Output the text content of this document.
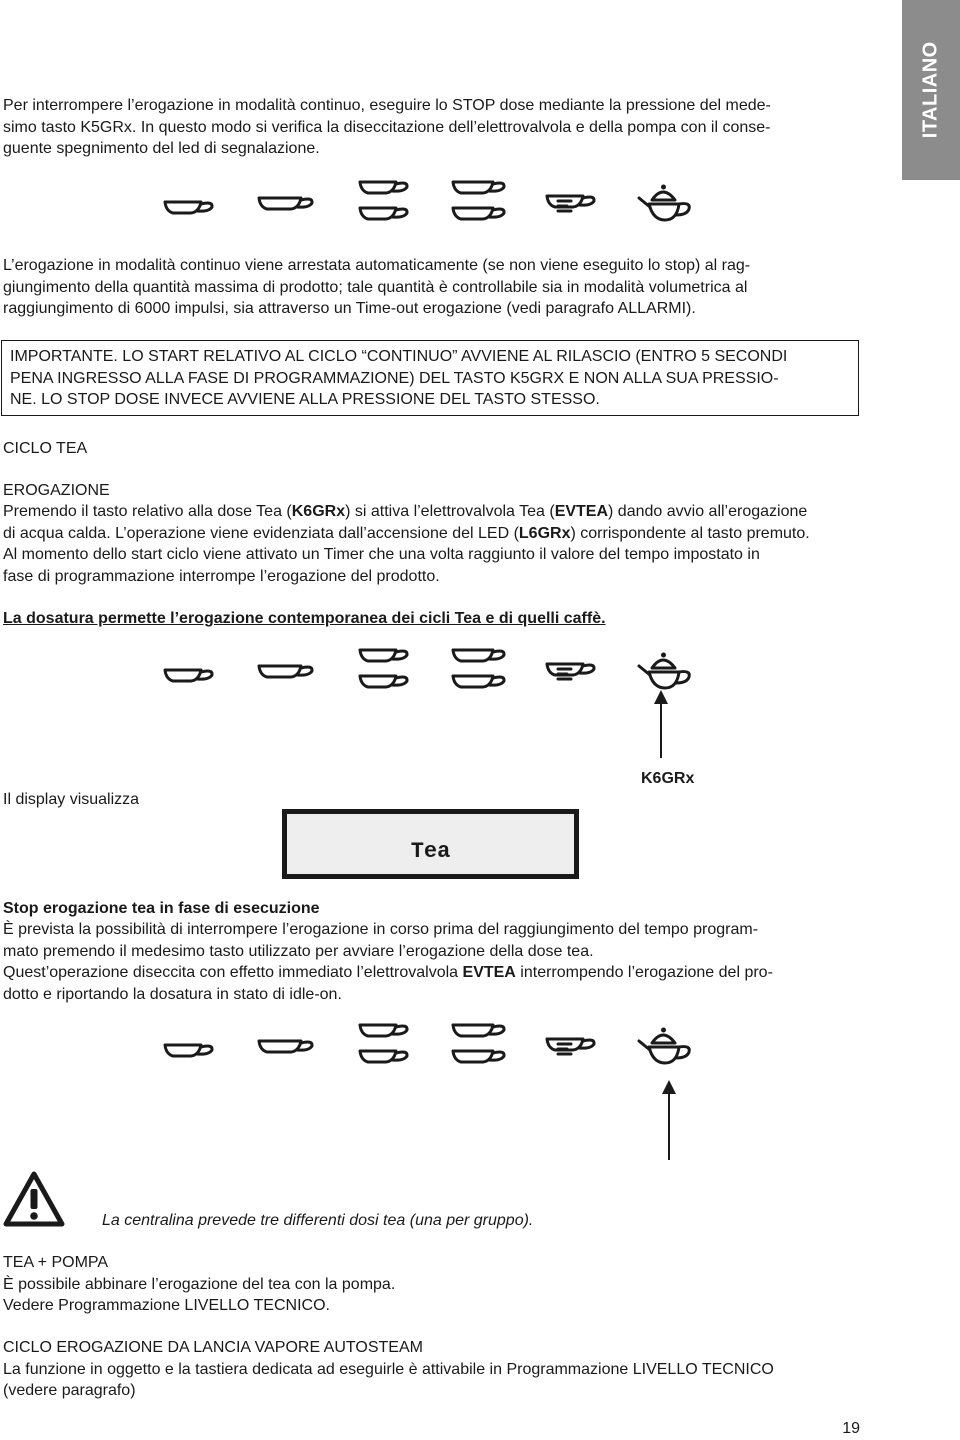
ITALIANO

Per interrompere l’erogazione in modalità continuo, eseguire lo STOP dose mediante la pressione del mede-

simo tasto K5GRx. In questo modo si verifica la diseccitazione dell’elettrovalvola e della pompa con il conse-

guente spegnimento del led di segnalazione.

L’erogazione in modalità continuo viene arrestata automaticamente (se non viene eseguito lo stop) al rag-

giungimento della quantità massima di prodotto; tale quantità è controllabile sia in modalità volumetrica al

raggiungimento di 6000 impulsi, sia attraverso un Time-out erogazione (vedi paragrafo ALLARMI).

IMPORTANTE. LO START RELATIVO AL CICLO “CONTINUO” AVVIENE AL RILASCIO (ENTRO 5 SECONDI

PENA INGRESSO ALLA FASE DI PROGRAMMAZIONE) DEL TASTO K5GRX E NON ALLA SUA PRESSIO-

NE. LO STOP DOSE INVECE AVVIENE ALLA PRESSIONE DEL TASTO STESSO.

CICLO TEA

EROGAZIONE

Premendo il tasto relativo alla dose Tea (K6GRx) si attiva l’elettrovalvola Tea (EVTEA) dando avvio all’erogazione

di acqua calda. L’operazione viene evidenziata dall’accensione del LED (L6GRx) corrispondente al tasto premuto.

Al momento dello start ciclo viene attivato un Timer che una volta raggiunto il valore del tempo impostato in

fase di programmazione interrompe l’erogazione del prodotto.

La dosatura permette l’erogazione contemporanea dei cicli Tea e di quelli caffè.

Il display visualizza

K6GRx

Tea

Stop erogazione tea in fase di esecuzione

È prevista la possibilità di interrompere l’erogazione in corso prima del raggiungimento del tempo program-

mato premendo il medesimo tasto utilizzato per avviare l’erogazione della dose tea.

Quest’operazione diseccita con effetto immediato l’elettrovalvola EVTEA interrompendo l’erogazione del pro-

dotto e riportando la dosatura in stato di idle-on.

La centralina prevede tre differenti dosi tea (una per gruppo).

TEA + POMPA

È possibile abbinare l’erogazione del tea con la pompa.

Vedere Programmazione LIVELLO TECNICO.

CICLO EROGAZIONE DA LANCIA VAPORE AUTOSTEAM

La funzione in oggetto e la tastiera dedicata ad eseguirle è attivabile in Programmazione LIVELLO TECNICO

(vedere paragrafo)

19
